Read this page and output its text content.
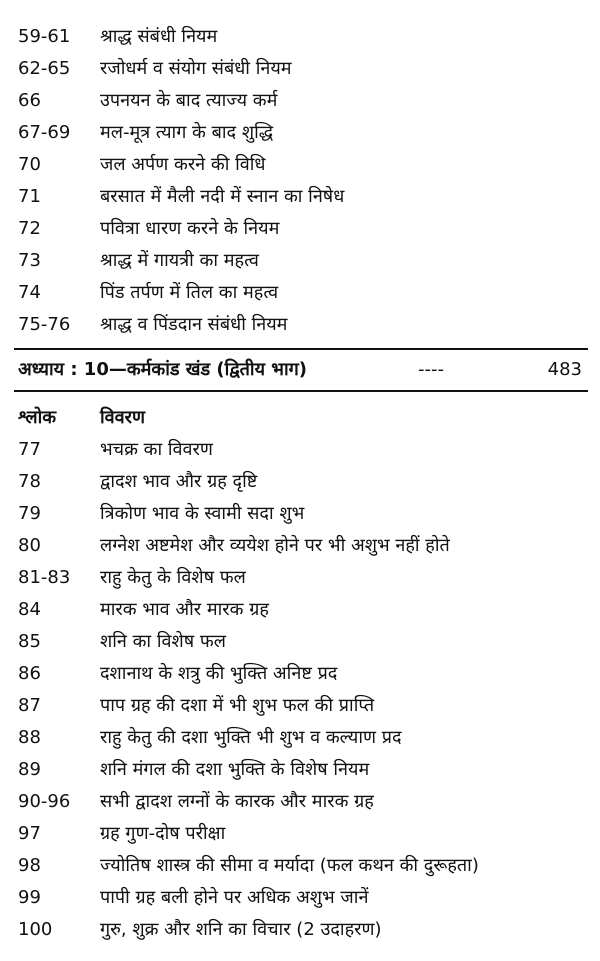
59-61	श्राद्ध संबंधी नियम
62-65	रजोधर्म व संयोग संबंधी नियम
66	उपनयन के बाद त्याज्य कर्म
67-69	मल-मूत्र त्याग के बाद शुद्धि
70	जल अर्पण करने की विधि
71	बरसात में मैली नदी में स्नान का निषेध
72	पवित्रा धारण करने के नियम
73	श्राद्ध में गायत्री का महत्व
74	पिंड तर्पण में तिल का महत्व
75-76	श्राद्ध व पिंडदान संबंधी नियम
अध्याय : 10—कर्मकांड खंड (द्वितीय भाग)	----	483
श्लोक विवरण
77	भचक्र का विवरण
78	द्वादश भाव और ग्रह दृष्टि
79	त्रिकोण भाव के स्वामी सदा शुभ
80	लग्नेश अष्टमेश और व्ययेश होने पर भी अशुभ नहीं होते
81-83	राहु केतु के विशेष फल
84	मारक भाव और मारक ग्रह
85	शनि का विशेष फल
86	दशानाथ के शत्रु की भुक्ति अनिष्ट प्रद
87	पाप ग्रह की दशा में भी शुभ फल की प्राप्ति
88	राहु केतु की दशा भुक्ति भी शुभ व कल्याण प्रद
89	शनि मंगल की दशा भुक्ति के विशेष नियम
90-96	सभी द्वादश लग्नों के कारक और मारक ग्रह
97	ग्रह गुण-दोष परीक्षा
98	ज्योतिष शास्त्र की सीमा व मर्यादा (फल कथन की दुरूहता)
99	पापी ग्रह बली होने पर अधिक अशुभ जानें
100	गुरु, शुक्र और शनि का विचार (2 उदाहरण)
